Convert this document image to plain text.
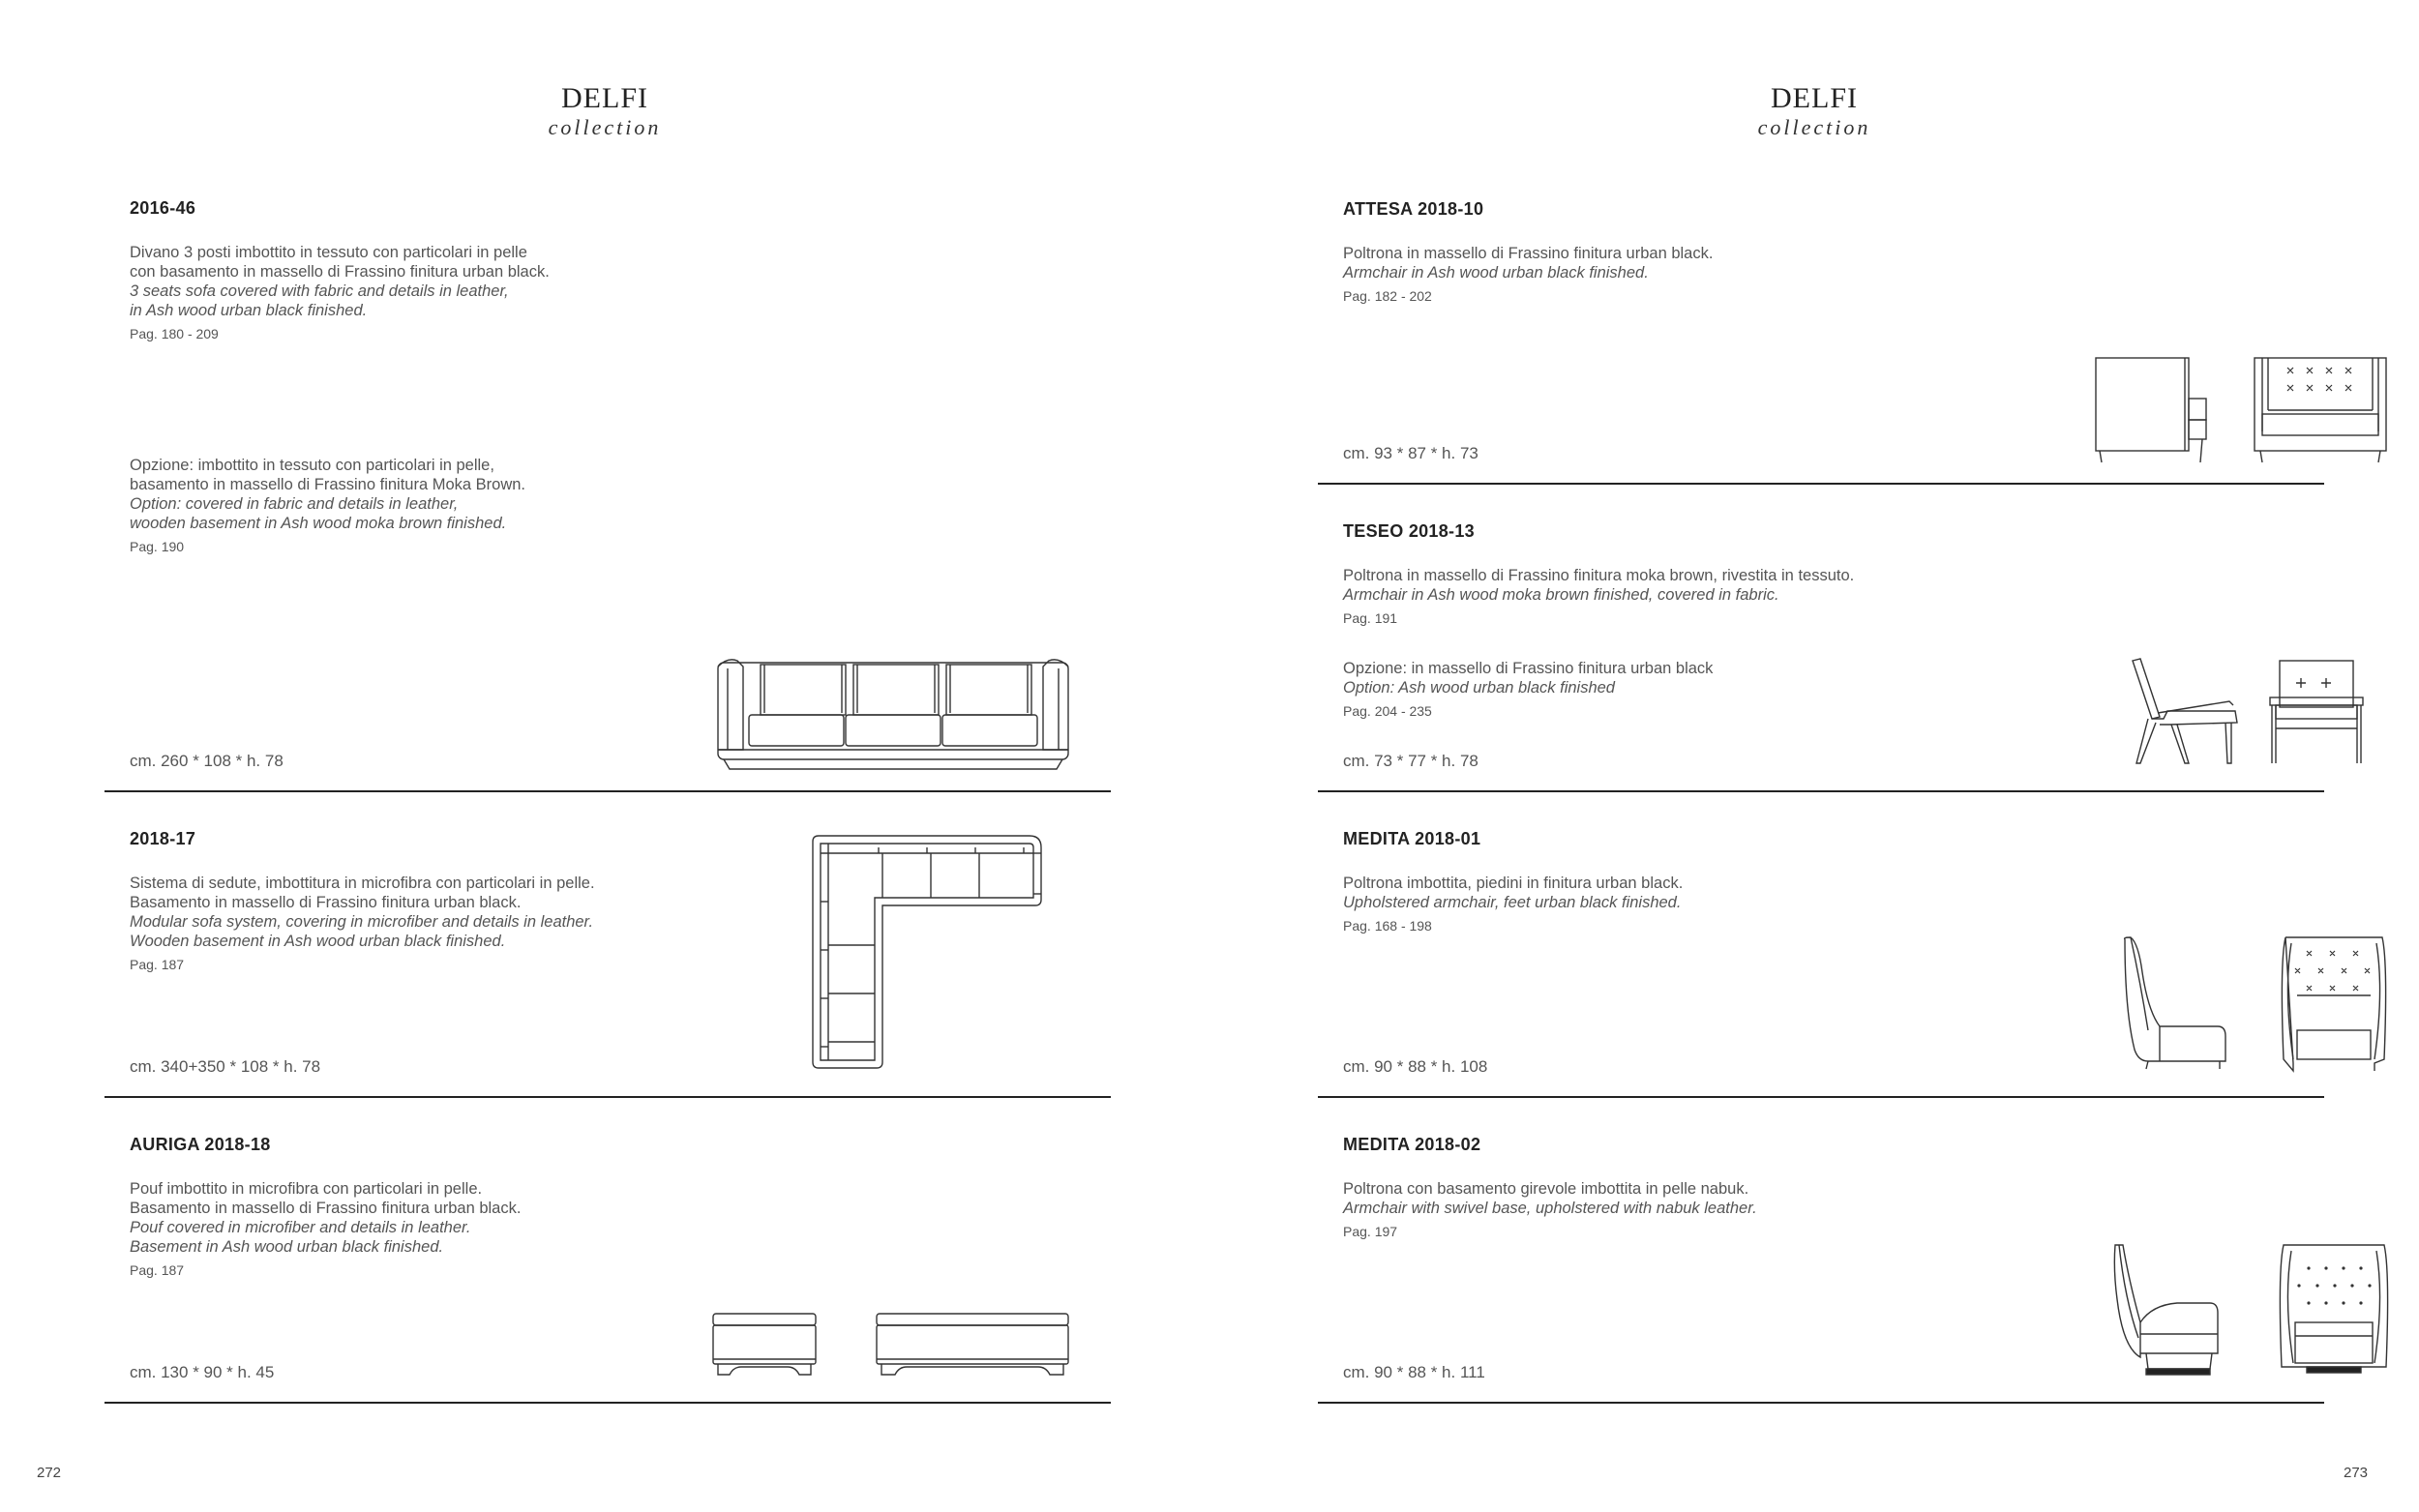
DELFI
collection
2016-46
Divano 3 posti imbottito in tessuto con particolari in pelle
con basamento in massello di Frassino finitura urban black.
3 seats sofa covered with fabric and details in leather,
in Ash wood urban black finished.
Pag. 180 - 209
Opzione: imbottito in tessuto con particolari in pelle,
basamento in massello di Frassino finitura Moka Brown.
Option: covered in fabric and details in leather,
wooden basement in Ash wood moka brown finished.
Pag. 190
cm. 260 * 108 * h. 78
2018-17
Sistema di sedute, imbottitura in microfibra con particolari in pelle.
Basamento in massello di Frassino finitura urban black.
Modular sofa system, covering in microfiber and details in leather.
Wooden basement in Ash wood urban black finished.
Pag. 187
cm. 340+350 * 108 * h. 78
AURIGA 2018-18
Pouf imbottito in microfibra con particolari in pelle.
Basamento in massello di Frassino finitura urban black.
Pouf covered in microfiber and details in leather.
Basement in Ash wood urban black finished.
Pag. 187
cm. 130 * 90 * h. 45
272
DELFI
collection
ATTESA 2018-10
Poltrona in massello di Frassino finitura urban black.
Armchair in Ash wood urban black finished.
Pag. 182 - 202
cm. 93 * 87 * h. 73
TESEO 2018-13
Poltrona in massello di Frassino finitura moka brown, rivestita in tessuto.
Armchair in Ash wood moka brown finished, covered in fabric.
Pag. 191
Opzione: in massello di Frassino finitura urban black
Option: Ash wood urban black finished
Pag. 204 - 235
cm. 73 * 77 * h. 78
MEDITA 2018-01
Poltrona imbottita, piedini in finitura urban black.
Upholstered armchair, feet urban black finished.
Pag. 168 - 198
cm. 90 * 88 * h. 108
MEDITA 2018-02
Poltrona con basamento girevole imbottita in pelle nabuk.
Armchair with swivel base, upholstered with nabuk leather.
Pag. 197
cm. 90 * 88 * h. 111
273
